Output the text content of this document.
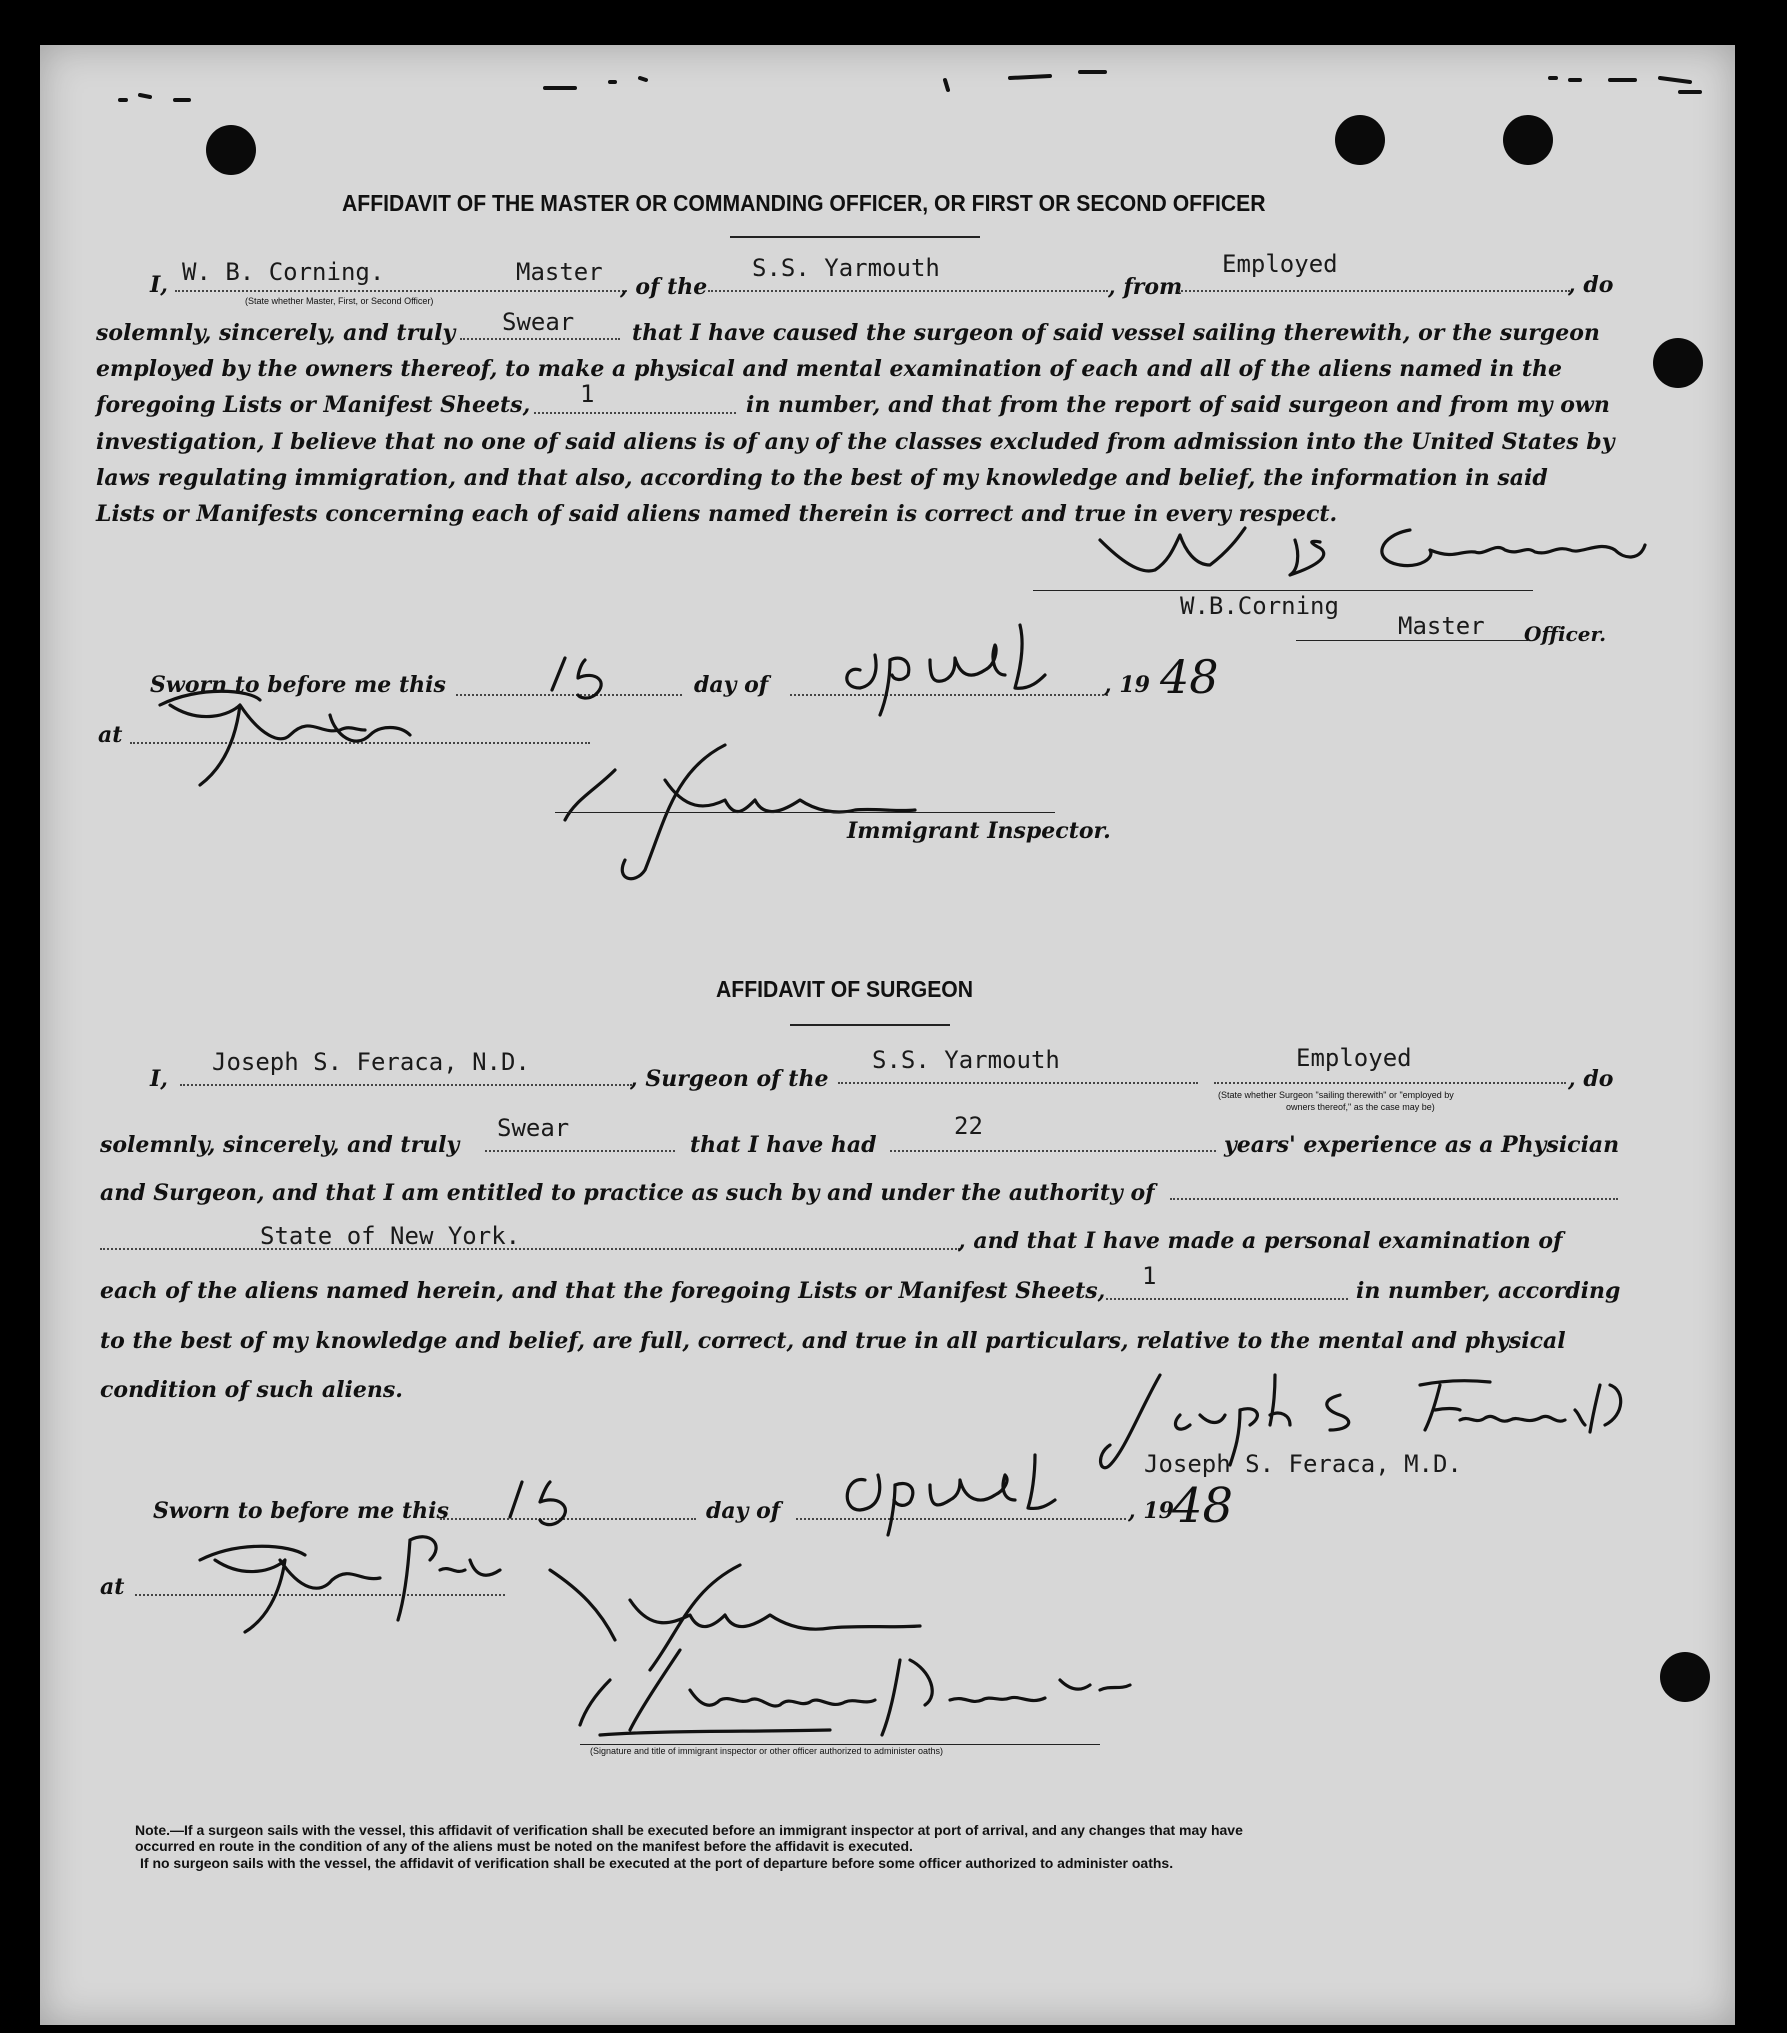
AFFIDAVIT OF THE MASTER OR COMMANDING OFFICER, OR FIRST OR SECOND OFFICER
I, W. B. Corning.	Master
(State whether Master, First, or Second Officer)
, of the
S.S. Yarmouth
, from
Employed
, do
solemnly, sincerely, and truly Swear	that I have caused the surgeon of said vessel sailing therewith, or the surgeon
employed by the owners thereof, to make a physical and mental examination of each and all of the aliens named in the
foregoing Lists or Manifest Sheets, 1	in number, and that from the report of said surgeon and from my own
investigation, I believe that no one of said aliens is of any of the classes excluded from admission into the United States by
laws regulating immigration, and that also, according to the best of my knowledge and belief, the information in said
Lists or Manifests concerning each of said aliens named therein is correct and true in every respect.
W.B.Corning
Master Officer.
Sworn to before me this	day of	, 19 48
at
Immigrant Inspector.
AFFIDAVIT OF SURGEON
I,
Joseph S. Feraca, N.D.
, Surgeon of the
S.S. Yarmouth	Employed
(State whether Surgeon "sailing therewith" or "employed by
owners thereof," as the case may be)
, do
solemnly, sincerely, and truly
Swear
that I have had
22
years' experience as a Physician
and Surgeon, and that I am entitled to practice as such by and under the authority of
State of New York.	, and that I have made a personal examination of
each of the aliens named herein, and that the foregoing Lists or Manifest Sheets,
1
in number, according
to the best of my knowledge and belief, are full, correct, and true in all particulars, relative to the mental and physical
condition of such aliens.
Joseph S. Feraca, M.D.
Sworn to before me this	day of	, 19
48
at
(Signature and title of immigrant inspector or other officer authorized to administer oaths)
Note.—If a surgeon sails with the vessel, this affidavit of verification shall be executed before an immigrant inspector at port of arrival, and any changes that may have
occurred en route in the condition of any of the aliens must be noted on the manifest before the affidavit is executed.
If no surgeon sails with the vessel, the affidavit of verification shall be executed at the port of departure before some officer authorized to administer oaths.
